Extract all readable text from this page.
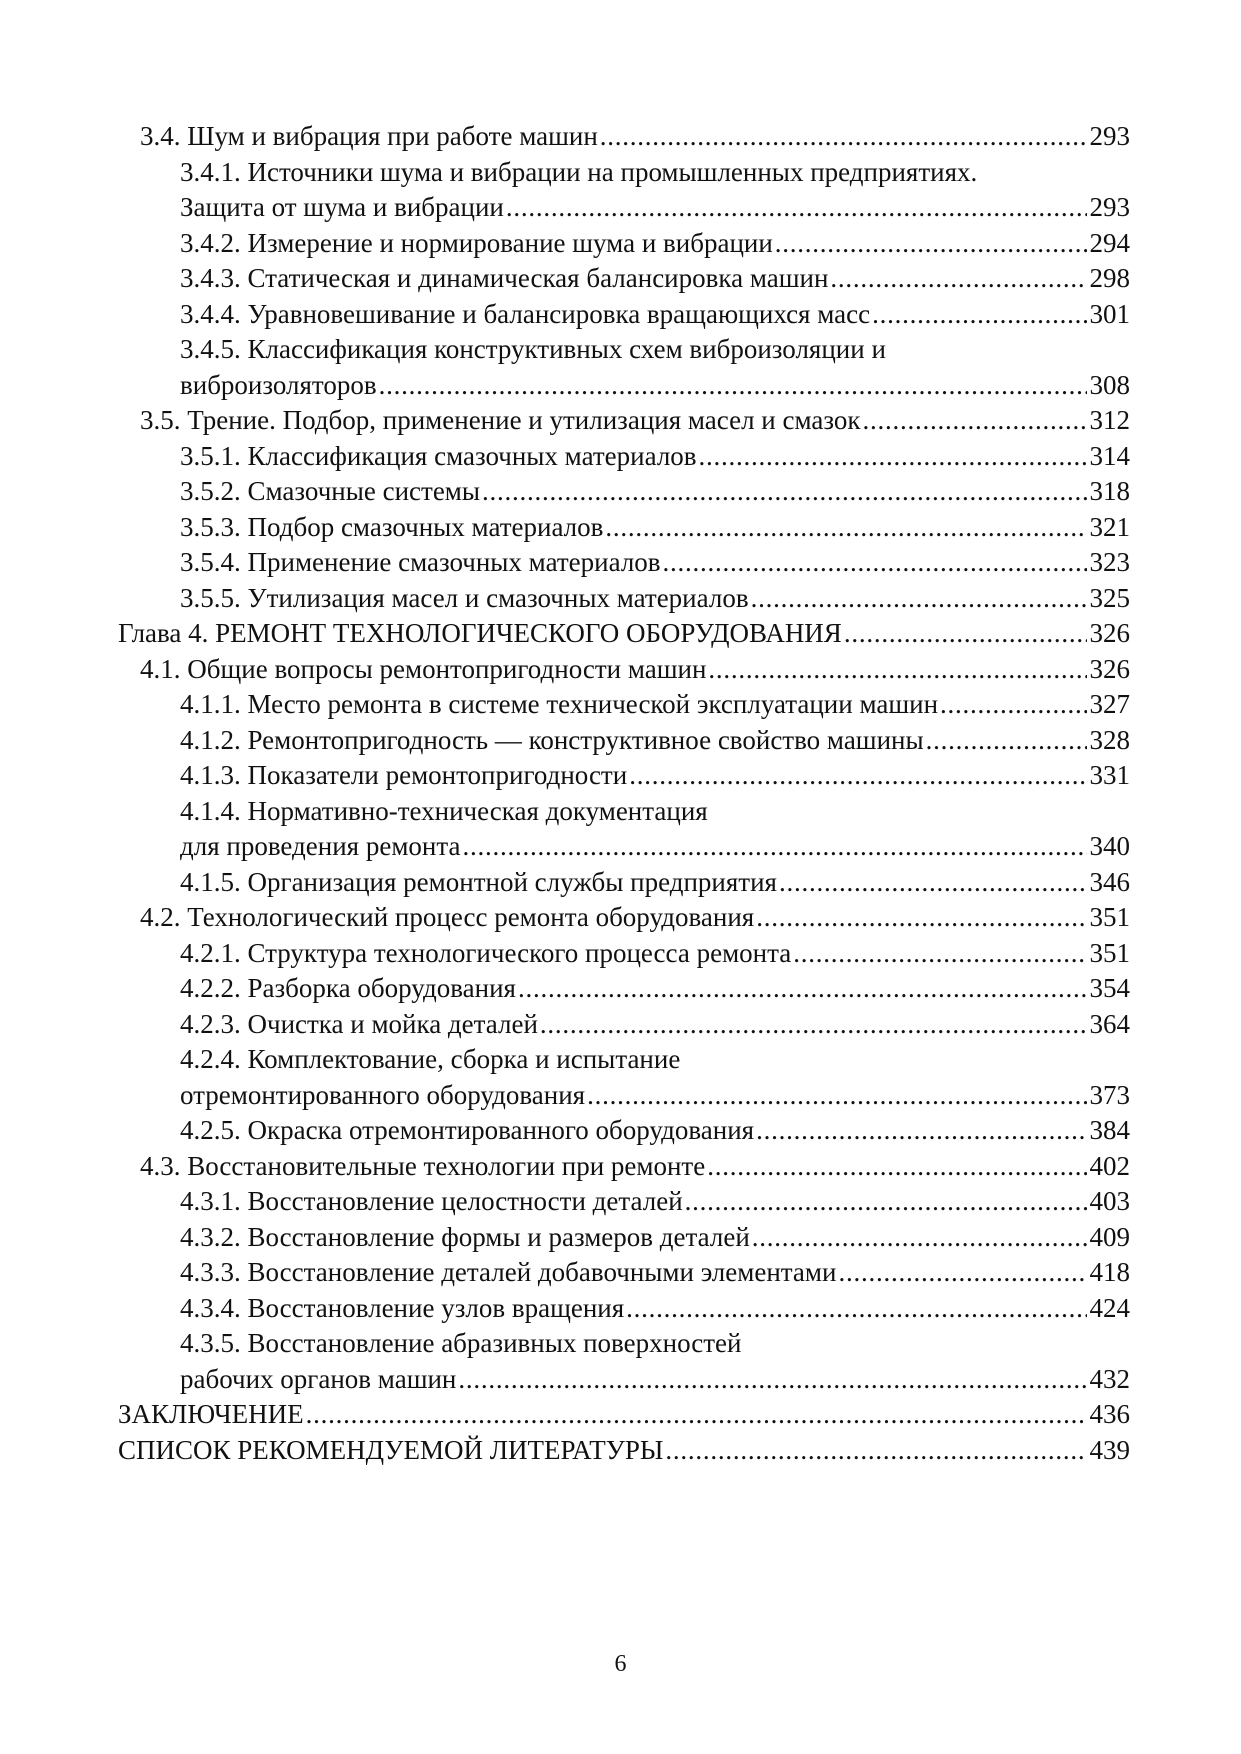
3.4. Шум и вибрация при работе машин . . .	293
3.4.1. Источники шума и вибрации на промышленных предприятиях.
Защита от шума и вибрации . . .	293
3.4.2. Измерение и нормирование шума и вибрации . . .	294
3.4.3. Статическая и динамическая балансировка машин . . .	298
3.4.4. Уравновешивание и балансировка вращающихся масс . . .	301
3.4.5. Классификация конструктивных схем виброизоляции и
виброизоляторов . . .	308
3.5. Трение. Подбор, применение и утилизация масел и смазок . . .	312
3.5.1. Классификация смазочных материалов . . .	314
3.5.2. Смазочные системы . . .	318
3.5.3. Подбор смазочных материалов . . .	321
3.5.4. Применение смазочных материалов . . .	323
3.5.5. Утилизация масел и смазочных материалов . . .	325
Глава 4. РЕМОНТ ТЕХНОЛОГИЧЕСКОГО ОБОРУДОВАНИЯ . . .	326
4.1. Общие вопросы ремонтопригодности машин . . .	326
4.1.1. Место ремонта в системе технической эксплуатации машин . . .	327
4.1.2. Ремонтопригодность — конструктивное свойство машины . . .	328
4.1.3. Показатели ремонтопригодности . . .	331
4.1.4. Нормативно-техническая документация
для проведения ремонта . . .	340
4.1.5. Организация ремонтной службы предприятия . . .	346
4.2. Технологический процесс ремонта оборудования . . .	351
4.2.1. Структура технологического процесса ремонта . . .	351
4.2.2. Разборка оборудования . . .	354
4.2.3. Очистка и мойка деталей . . .	364
4.2.4. Комплектование, сборка и испытание
отремонтированного оборудования . . .	373
4.2.5. Окраска отремонтированного оборудования . . .	384
4.3. Восстановительные технологии при ремонте . . .	402
4.3.1. Восстановление целостности деталей . . .	403
4.3.2. Восстановление формы и размеров деталей . . .	409
4.3.3. Восстановление деталей добавочными элементами . . .	418
4.3.4. Восстановление узлов вращения . . .	424
4.3.5. Восстановление абразивных поверхностей
рабочих органов машин . . .	432
ЗАКЛЮЧЕНИЕ . . .	436
СПИСОК РЕКОМЕНДУЕМОЙ ЛИТЕРАТУРЫ . . .	439
6
